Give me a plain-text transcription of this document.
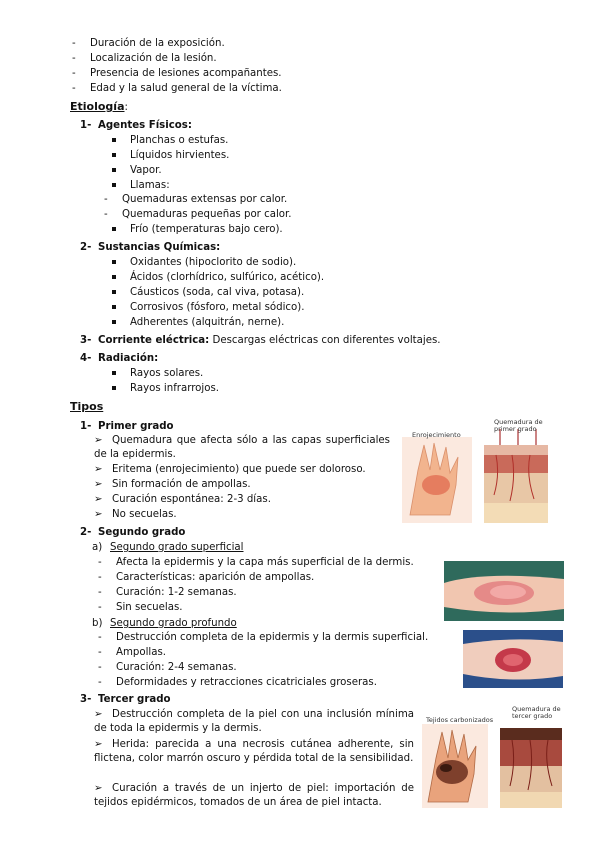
- Duración de la exposición.
- Localización de la lesión.
- Presencia de lesiones acompañantes.
- Edad y la salud general de la víctima.
Etiología:
1- Agentes Físicos:
Planchas o estufas.
Líquidos hirvientes.
Vapor.
Llamas:
- Quemaduras extensas por calor.
- Quemaduras pequeñas por calor.
Frío (temperaturas bajo cero).
2- Sustancias Químicas:
Oxidantes (hipoclorito de sodio).
Ácidos (clorhídrico, sulfúrico, acético).
Cáusticos (soda, cal viva, potasa).
Corrosivos (fósforo, metal sódico).
Adherentes (alquitrán, nerne).
3- Corriente eléctrica: Descargas eléctricas con diferentes voltajes.
4- Radiación:
Rayos solares.
Rayos infrarrojos.
Tipos
1- Primer grado
➢ Quemadura que afecta sólo a las capas superficiales de la epidermis.
➢ Eritema (enrojecimiento) que puede ser doloroso.
➢ Sin formación de ampollas.
➢ Curación espontánea: 2-3 días.
➢ No secuelas.
Enrojecimiento
Quemadura de primer grado
2- Segundo grado
a) Segundo grado superficial
- Afecta la epidermis y la capa más superficial de la dermis.
- Características: aparición de ampollas.
- Curación: 1-2 semanas.
- Sin secuelas.
b) Segundo grado profundo
- Destrucción completa de la epidermis y la dermis superficial.
- Ampollas.
- Curación: 2-4 semanas.
- Deformidades y retracciones cicatriciales groseras.
3- Tercer grado
➢ Destrucción completa de la piel con una inclusión mínima de toda la epidermis y la dermis.
➢ Herida: parecida a una necrosis cutánea adherente, sin flictena, color marrón oscuro y pérdida total de la sensibilidad.
➢ Curación a través de un injerto de piel: importación de tejidos epidérmicos, tomados de un área de piel intacta.
Tejidos carbonizados
Quemadura de tercer grado
